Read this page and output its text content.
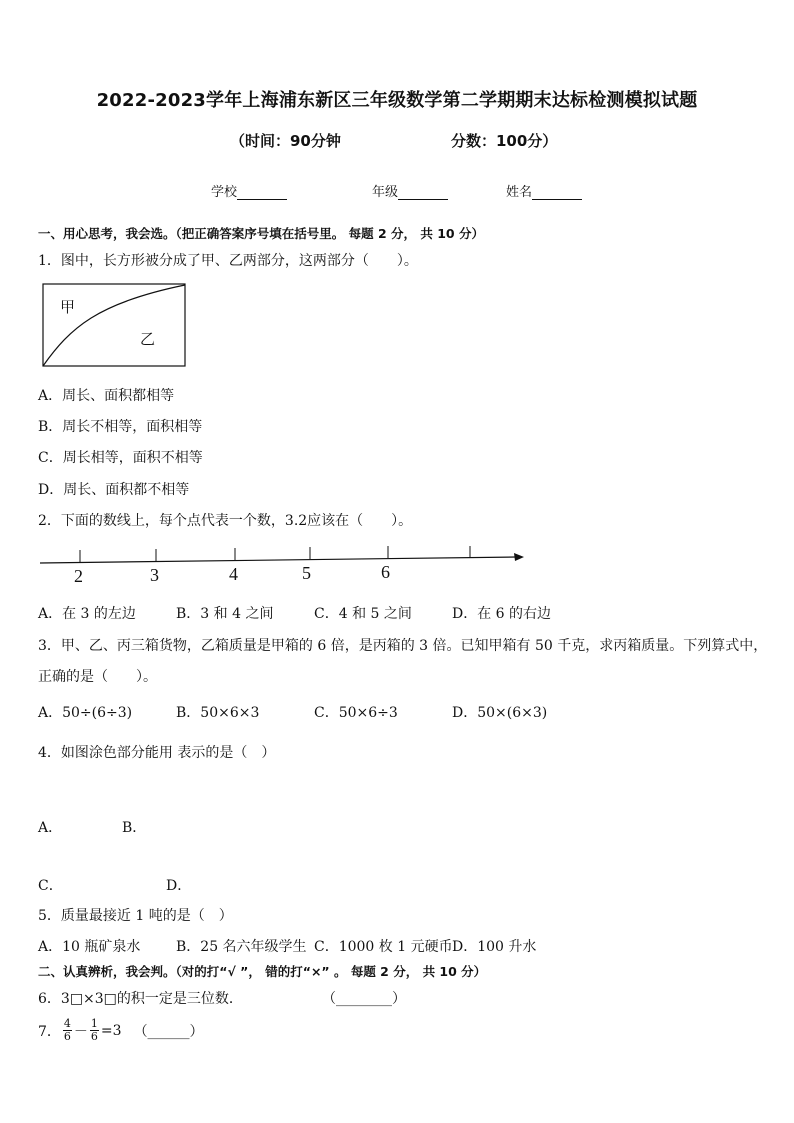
2022-2023学年上海浦东新区三年级数学第二学期期末达标检测模拟试题
（时间：90分钟	分数：100分）
学校	年级	姓名
一、用心思考，我会选。（把正确答案序号填在括号里。 每题 2 分， 共 10 分）
1．图中，长方形被分成了甲、乙两部分，这两部分（　　）。
甲
乙
A．周长、面积都相等
B．周长不相等，面积相等
C．周长相等，面积不相等
D．周长、面积都不相等
2．下面的数线上，每个点代表一个数，3.2应该在（　　）。
2	3	4	5	6
A．在 3 的左边	B．3 和 4 之间	C．4 和 5 之间	D．在 6 的右边
3．甲、乙、丙三箱货物，乙箱质量是甲箱的 6 倍，是丙箱的 3 倍。已知甲箱有 50 千克，求丙箱质量。下列算式中，
正确的是（　　）。
A．50÷(6÷3)	B．50×6×3	C．50×6÷3	D．50×(6×3)
4．如图涂色部分能用 表示的是（　）
A．	B．
C．	D．
5．质量最接近 1 吨的是（　）
A．10 瓶矿泉水	B．25 名六年级学生 C．1000 枚 1 元硬币 D．100 升水
二、认真辨析，我会判。（对的打“√ ”， 错的打“×” 。 每题 2 分， 共 10 分）
6．3□×3□的积一定是三位数．	（________）
7． $\frac{4}{6} - \frac{1}{6} =3$ （______）
